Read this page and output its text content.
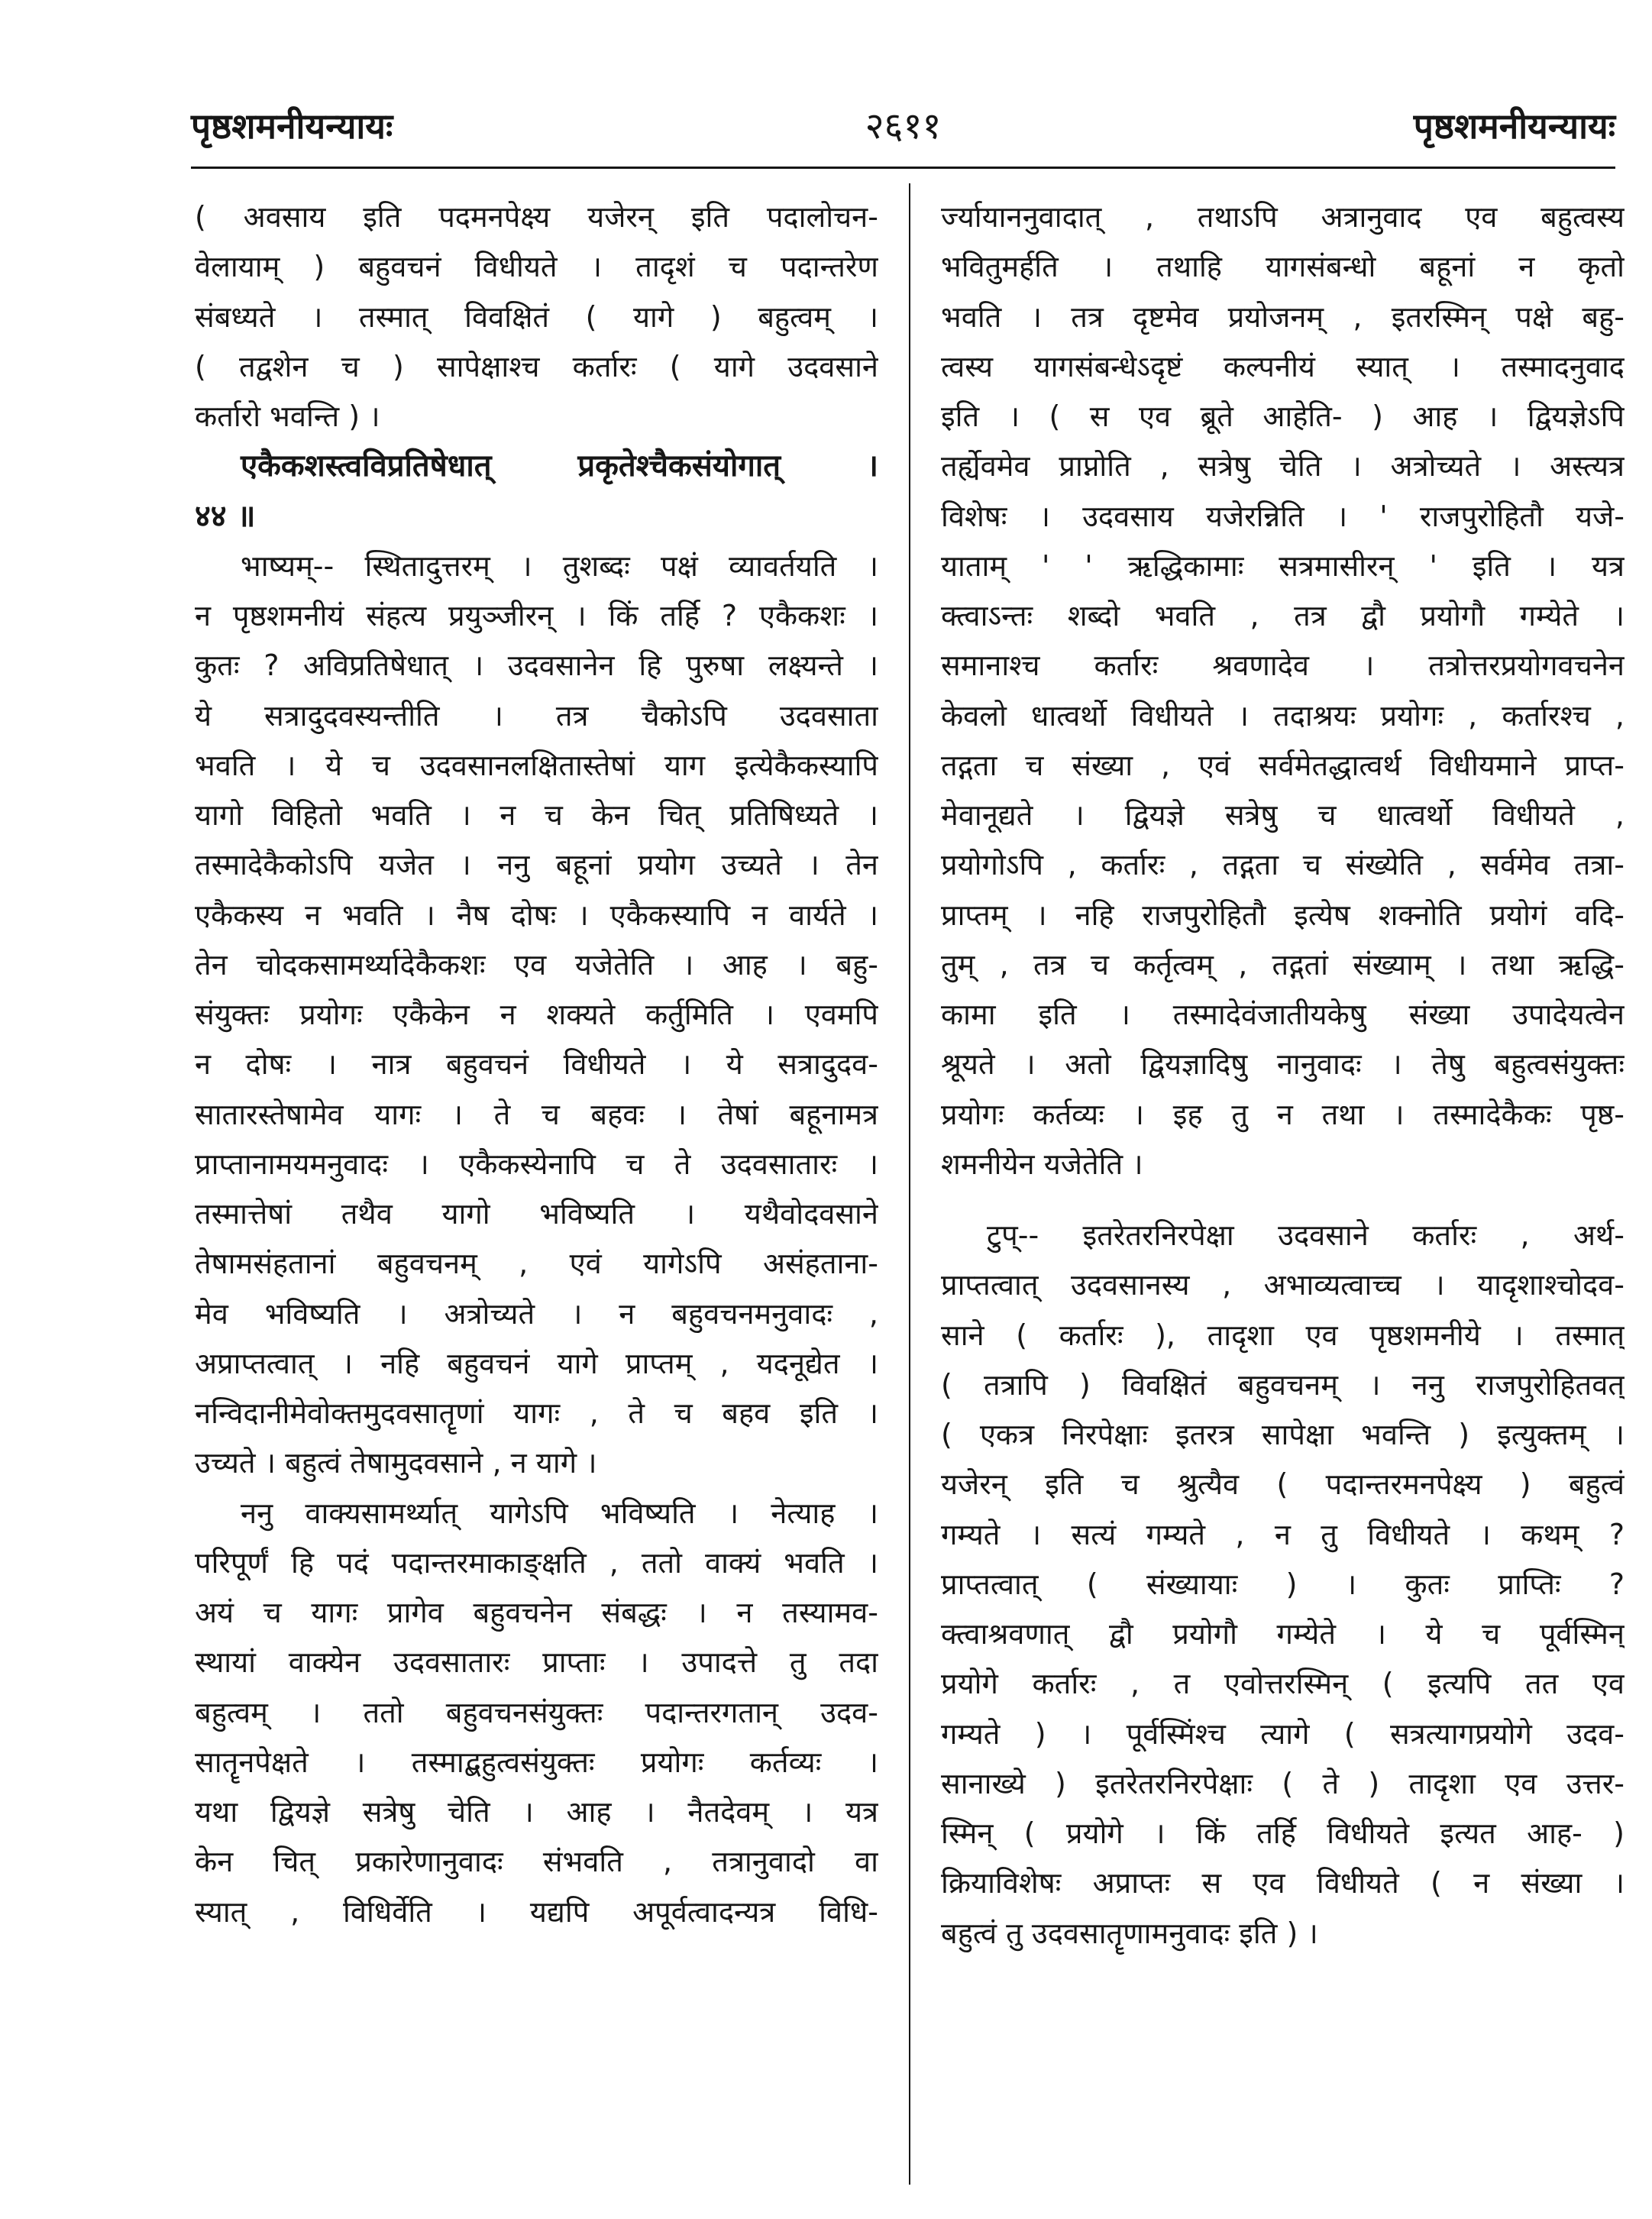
पृष्ठशमनीयन्यायः	२६११	पृष्ठशमनीयन्यायः
( अवसाय इति पदमनपेक्ष्य यजेरन् इति पदालोचन-
वेलायाम् ) बहुवचनं विधीयते । तादृशं च पदान्तरेण
संबध्यते । तस्मात् विवक्षितं ( यागे ) बहुत्वम् ।
( तद्वशेन च ) सापेक्षाश्च कर्तारः ( यागे उदवसाने
कर्तारो भवन्ति ) ।
एकैकशस्त्वविप्रतिषेधात् प्रकृतेश्चैकसंयोगात् ।
४४ ॥
भाष्यम्-- स्थितादुत्तरम् । तुशब्दः पक्षं व्यावर्तयति ।
न पृष्ठशमनीयं संहत्य प्रयुञ्जीरन् । किं तर्हि ? एकैकशः ।
कुतः ? अविप्रतिषेधात् । उदवसानेन हि पुरुषा लक्ष्यन्ते ।
ये सत्रादुदवस्यन्तीति । तत्र चैकोऽपि उदवसाता
भवति । ये च उदवसानलक्षितास्तेषां याग इत्येकैकस्यापि
यागो विहितो भवति । न च केन चित् प्रतिषिध्यते ।
तस्मादेकैकोऽपि यजेत । ननु बहूनां प्रयोग उच्यते । तेन
एकैकस्य न भवति । नैष दोषः । एकैकस्यापि न वार्यते ।
तेन चोदकसामर्थ्यादेकैकशः एव यजेतेति । आह । बहु-
संयुक्तः प्रयोगः एकैकेन न शक्यते कर्तुमिति । एवमपि
न दोषः । नात्र बहुवचनं विधीयते । ये सत्रादुदव-
सातारस्तेषामेव यागः । ते च बहवः । तेषां बहूनामत्र
प्राप्तानामयमनुवादः । एकैकस्येनापि च ते उदवसातारः ।
तस्मात्तेषां तथैव यागो भविष्यति । यथैवोदवसाने
तेषामसंहतानां बहुवचनम् , एवं यागेऽपि असंहताना-
मेव भविष्यति । अत्रोच्यते । न बहुवचनमनुवादः ,
अप्राप्तत्वात् । नहि बहुवचनं यागे प्राप्तम् , यदनूद्येत ।
नन्विदानीमेवोक्तमुदवसातॄणां यागः , ते च बहव इति ।
उच्यते । बहुत्वं तेषामुदवसाने , न यागे ।
ननु वाक्यसामर्थ्यात् यागेऽपि भविष्यति । नेत्याह ।
परिपूर्णं हि पदं पदान्तरमाकाङ्क्षति , ततो वाक्यं भवति ।
अयं च यागः प्रागेव बहुवचनेन संबद्धः । न तस्यामव-
स्थायां वाक्येन उदवसातारः प्राप्ताः । उपादत्ते तु तदा
बहुत्वम् । ततो बहुवचनसंयुक्तः पदान्तरगतान् उदव-
सातॄनपेक्षते । तस्माद्बहुत्वसंयुक्तः प्रयोगः कर्तव्यः ।
यथा द्वियज्ञे सत्रेषु चेति । आह । नैतदेवम् । यत्र
केन चित् प्रकारेणानुवादः संभवति , तत्रानुवादो वा
स्यात् , विधिर्वेति । यद्यपि अपूर्वत्वादन्यत्र विधि-
र्ज्यायाननुवादात् , तथाऽपि अत्रानुवाद एव बहुत्वस्य
भवितुमर्हति । तथाहि यागसंबन्धो बहूनां न कृतो
भवति । तत्र दृष्टमेव प्रयोजनम् , इतरस्मिन् पक्षे बहु-
त्वस्य यागसंबन्धेऽदृष्टं कल्पनीयं स्यात् । तस्मादनुवाद
इति । ( स एव ब्रूते आहेति- ) आह । द्वियज्ञेऽपि
तर्ह्येवमेव प्राप्नोति , सत्रेषु चेति । अत्रोच्यते । अस्त्यत्र
विशेषः । उदवसाय यजेरन्निति । ' राजपुरोहितौ यजे-
याताम् ' ' ऋद्धिकामाः सत्रमासीरन् ' इति । यत्र
क्त्वाऽन्तः शब्दो भवति , तत्र द्वौ प्रयोगौ गम्येते ।
समानाश्च कर्तारः श्रवणादेव । तत्रोत्तरप्रयोगवचनेन
केवलो धात्वर्थो विधीयते । तदाश्रयः प्रयोगः , कर्तारश्च ,
तद्गता च संख्या , एवं सर्वमेतद्धात्वर्थ विधीयमाने प्राप्त-
मेवानूद्यते । द्वियज्ञे सत्रेषु च धात्वर्थो विधीयते ,
प्रयोगोऽपि , कर्तारः , तद्गता च संख्येति , सर्वमेव तत्रा-
प्राप्तम् । नहि राजपुरोहितौ इत्येष शक्नोति प्रयोगं वदि-
तुम् , तत्र च कर्तृत्वम् , तद्गतां संख्याम् । तथा ऋद्धि-
कामा इति । तस्मादेवंजातीयकेषु संख्या उपादेयत्वेन
श्रूयते । अतो द्वियज्ञादिषु नानुवादः । तेषु बहुत्वसंयुक्तः
प्रयोगः कर्तव्यः । इह तु न तथा । तस्मादेकैकः पृष्ठ-
शमनीयेन यजेतेति ।
टुप्-- इतरेतरनिरपेक्षा उदवसाने कर्तारः , अर्थ-
प्राप्तत्वात् उदवसानस्य , अभाव्यत्वाच्च । यादृशाश्चोदव-
साने ( कर्तारः ), तादृशा एव पृष्ठशमनीये । तस्मात्
( तत्रापि ) विवक्षितं बहुवचनम् । ननु राजपुरोहितवत्
( एकत्र निरपेक्षाः इतरत्र सापेक्षा भवन्ति ) इत्युक्तम् ।
यजेरन् इति च श्रुत्यैव ( पदान्तरमनपेक्ष्य ) बहुत्वं
गम्यते । सत्यं गम्यते , न तु विधीयते । कथम् ?
प्राप्तत्वात् ( संख्यायाः ) । कुतः प्राप्तिः ?
क्त्वाश्रवणात् द्वौ प्रयोगौ गम्येते । ये च पूर्वस्मिन्
प्रयोगे कर्तारः , त एवोत्तरस्मिन् ( इत्यपि तत एव
गम्यते ) । पूर्वस्मिंश्च त्यागे ( सत्रत्यागप्रयोगे उदव-
सानाख्ये ) इतरेतरनिरपेक्षाः ( ते ) तादृशा एव उत्तर-
स्मिन् ( प्रयोगे । किं तर्हि विधीयते इत्यत आह- )
क्रियाविशेषः अप्राप्तः स एव विधीयते ( न संख्या ।
बहुत्वं तु उदवसातॄणामनुवादः इति ) ।
